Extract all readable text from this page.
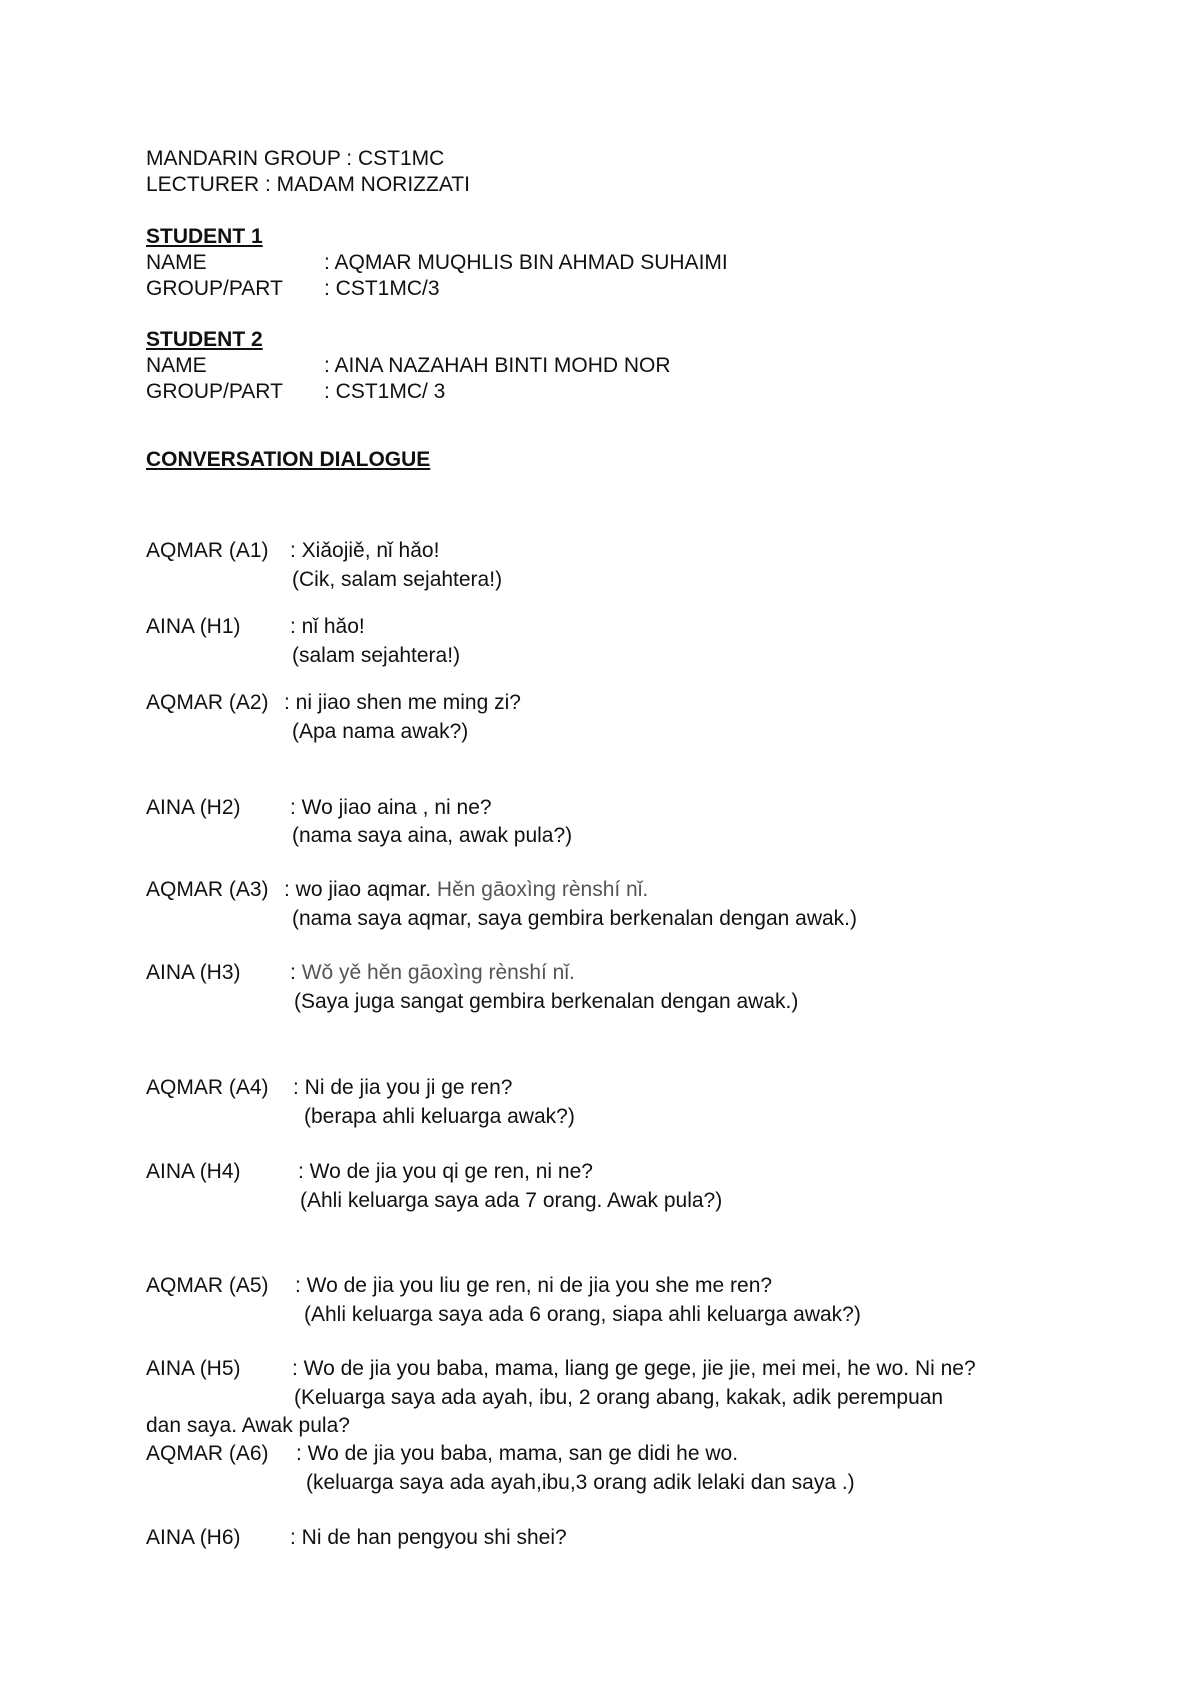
MANDARIN GROUP : CST1MC
LECTURER : MADAM NORIZZATI
STUDENT 1
NAME	: AQMAR MUQHLIS BIN AHMAD SUHAIMI
GROUP/PART : CST1MC/3
STUDENT 2
NAME	: AINA NAZAHAH BINTI MOHD NOR
GROUP/PART : CST1MC/ 3
CONVERSATION DIALOGUE
AQMAR (A1) : Xiǎojiě, nǐ hǎo!
(Cik, salam sejahtera!)
AINA (H1) : nǐ hǎo!
(salam sejahtera!)
AQMAR (A2) : ni jiao shen me ming zi?
(Apa nama awak?)
AINA (H2) : Wo jiao aina , ni ne?
(nama saya aina, awak pula?)
AQMAR (A3) : wo jiao aqmar. Hěn gāoxìng rènshí nǐ.
(nama saya aqmar, saya gembira berkenalan dengan awak.)
AINA (H3) : Wǒ yě hěn gāoxìng rènshí nǐ.
(Saya juga sangat gembira berkenalan dengan awak.)
AQMAR (A4) : Ni de jia you ji ge ren?
(berapa ahli keluarga awak?)
AINA (H4)	: Wo de jia you qi ge ren, ni ne?
(Ahli keluarga saya ada 7 orang. Awak pula?)
AQMAR (A5) : Wo de jia you liu ge ren, ni de jia you she me ren?
(Ahli keluarga saya ada 6 orang, siapa ahli keluarga awak?)
AINA (H5) : Wo de jia you baba, mama, liang ge gege, jie jie, mei mei, he wo. Ni ne?
(Keluarga saya ada ayah, ibu, 2 orang abang, kakak, adik perempuan
dan saya. Awak pula?
AQMAR (A6) : Wo de jia you baba, mama, san ge didi he wo.
(keluarga saya ada ayah,ibu,3 orang adik lelaki dan saya .)
AINA (H6) : Ni de han pengyou shi shei?
